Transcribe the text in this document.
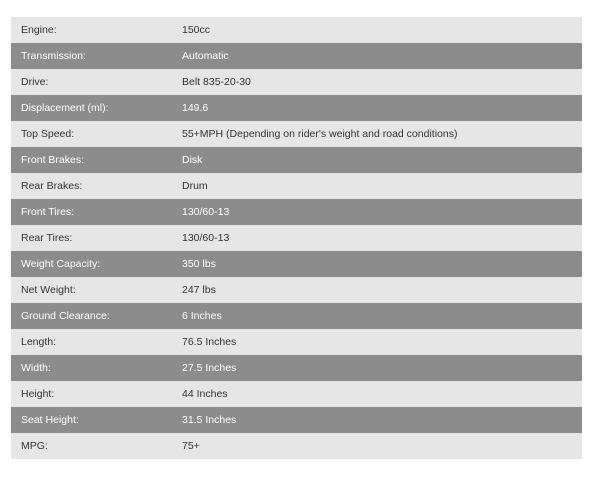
Engine:	150cc
Transmission:	Automatic
Drive:	Belt 835-20-30
Displacement (ml):	149.6
Top Speed:	55+MPH (Depending on rider's weight and road conditions)
Front Brakes:	Disk
Rear Brakes:	Drum
Front Tires:	130/60-13
Rear Tires:	130/60-13
Weight Capacity:	350 lbs
Net Weight:	247 lbs
Ground Clearance:	6 Inches
Length:	76.5 Inches
Width:	27.5 Inches
Height:	44 Inches
Seat Height:	31.5 Inches
MPG:	75+
